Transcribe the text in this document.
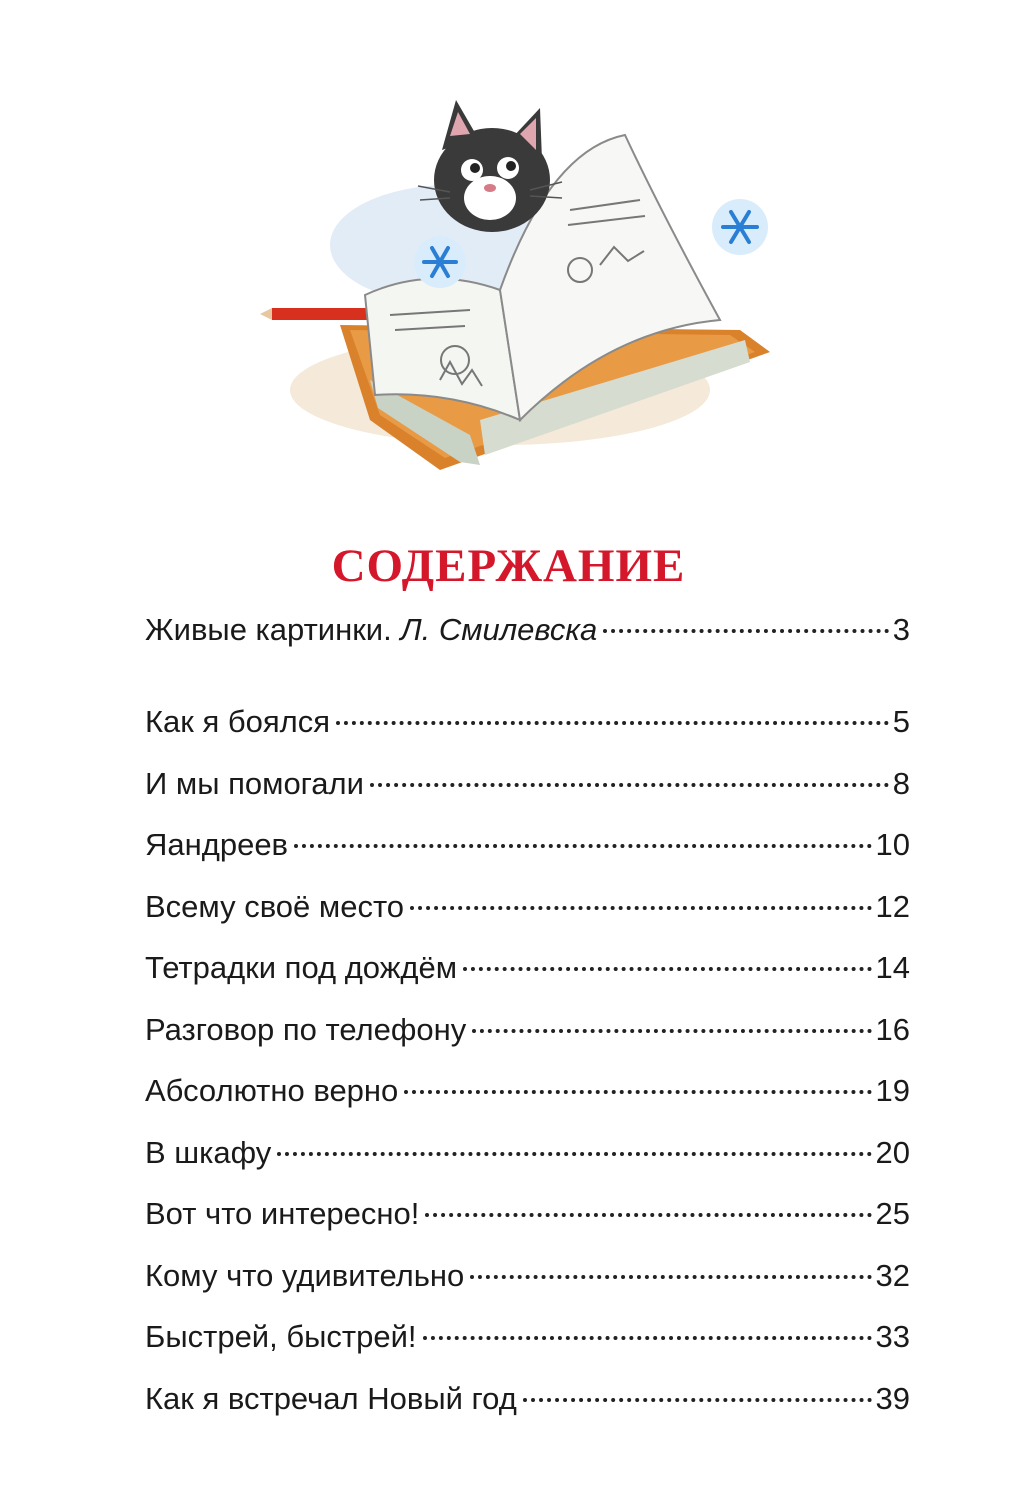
СОДЕРЖАНИЕ
Живые картинки. Л. Смилевска	3
Как я боялся	5
И мы помогали	8
Яандреев	10
Всему своё место	12
Тетрадки под дождём	14
Разговор по телефону	16
Абсолютно верно	19
В шкафу	20
Вот что интересно!	25
Кому что удивительно	32
Быстрей, быстрей!	33
Как я встречал Новый год	39
